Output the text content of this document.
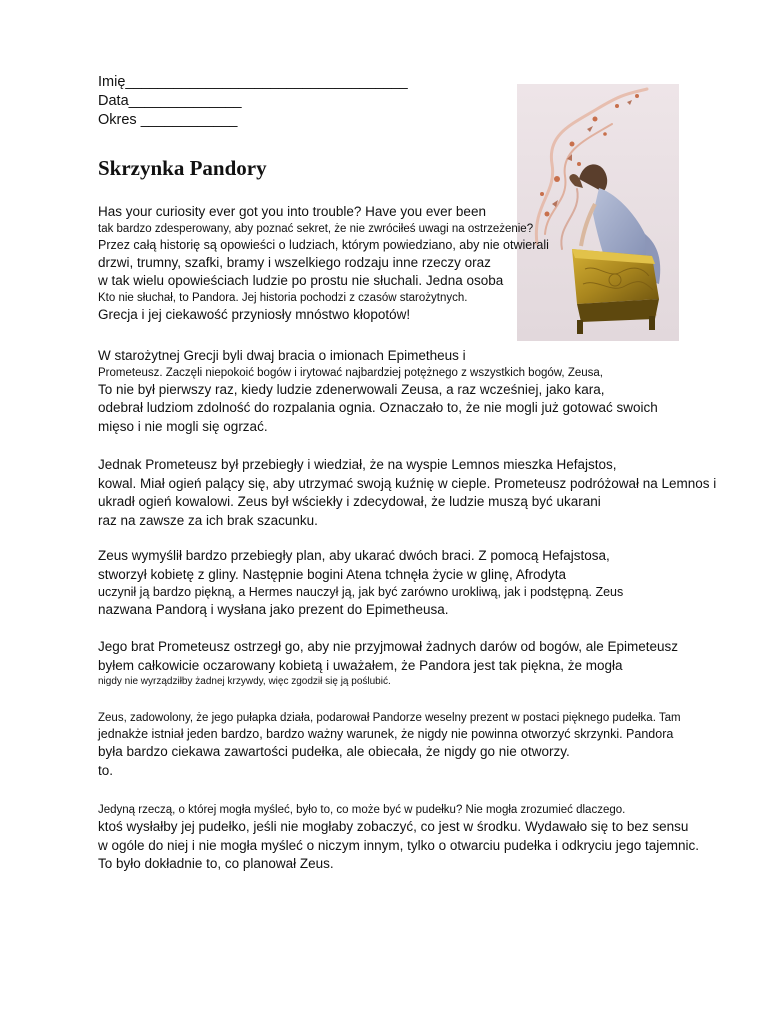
Imię___________________________________
Data______________
Okres ____________
Skrzynka Pandory
Has your curiosity ever got you into trouble? Have you ever been
tak bardzo zdesperowany, aby poznać sekret, że nie zwróciłeś uwagi na ostrzeżenie?
Przez całą historię są opowieści o ludziach, którym powiedziano, aby nie otwierali
drzwi, trumny, szafki, bramy i wszelkiego rodzaju inne rzeczy oraz
w tak wielu opowieściach ludzie po prostu nie słuchali. Jedna osoba
Kto nie słuchał, to Pandora. Jej historia pochodzi z czasów starożytnych.
Grecja i jej ciekawość przyniosły mnóstwo kłopotów!
W starożytnej Grecji byli dwaj bracia o imionach Epimetheus i
Prometeusz. Zaczęli niepokoić bogów i irytować najbardziej potężnego z wszystkich bogów, Zeusa,
To nie był pierwszy raz, kiedy ludzie zdenerwowali Zeusa, a raz wcześniej, jako kara,
odebrał ludziom zdolność do rozpalania ognia. Oznaczało to, że nie mogli już gotować swoich
mięso i nie mogli się ogrzać.
Jednak Prometeusz był przebiegły i wiedział, że na wyspie Lemnos mieszka Hefajstos,
kowal. Miał ogień palący się, aby utrzymać swoją kuźnię w cieple. Prometeusz podróżował na Lemnos i
ukradł ogień kowalowi. Zeus był wściekły i zdecydował, że ludzie muszą być ukarani
raz na zawsze za ich brak szacunku.
Zeus wymyślił bardzo przebiegły plan, aby ukarać dwóch braci. Z pomocą Hefajstosa,
stworzył kobietę z gliny. Następnie bogini Atena tchnęła życie w glinę, Afrodyta
uczynił ją bardzo piękną, a Hermes nauczył ją, jak być zarówno urokliwą, jak i podstępną. Zeus
nazwana Pandorą i wysłana jako prezent do Epimetheusa.
Jego brat Prometeusz ostrzegł go, aby nie przyjmował żadnych darów od bogów, ale Epimeteusz
byłem całkowicie oczarowany kobietą i uważałem, że Pandora jest tak piękna, że mogła
nigdy nie wyrządziłby żadnej krzywdy, więc zgodził się ją poślubić.
Zeus, zadowolony, że jego pułapka działa, podarował Pandorze weselny prezent w postaci pięknego pudełka. Tam
jednakże istniał jeden bardzo, bardzo ważny warunek, że nigdy nie powinna otworzyć skrzynki. Pandora
była bardzo ciekawa zawartości pudełka, ale obiecała, że nigdy go nie otworzy.
to.
Jedyną rzeczą, o której mogła myśleć, było to, co może być w pudełku? Nie mogła zrozumieć dlaczego.
ktoś wysłałby jej pudełko, jeśli nie mogłaby zobaczyć, co jest w środku. Wydawało się to bez sensu
w ogóle do niej i nie mogła myśleć o niczym innym, tylko o otwarciu pudełka i odkryciu jego tajemnic.
To było dokładnie to, co planował Zeus.
